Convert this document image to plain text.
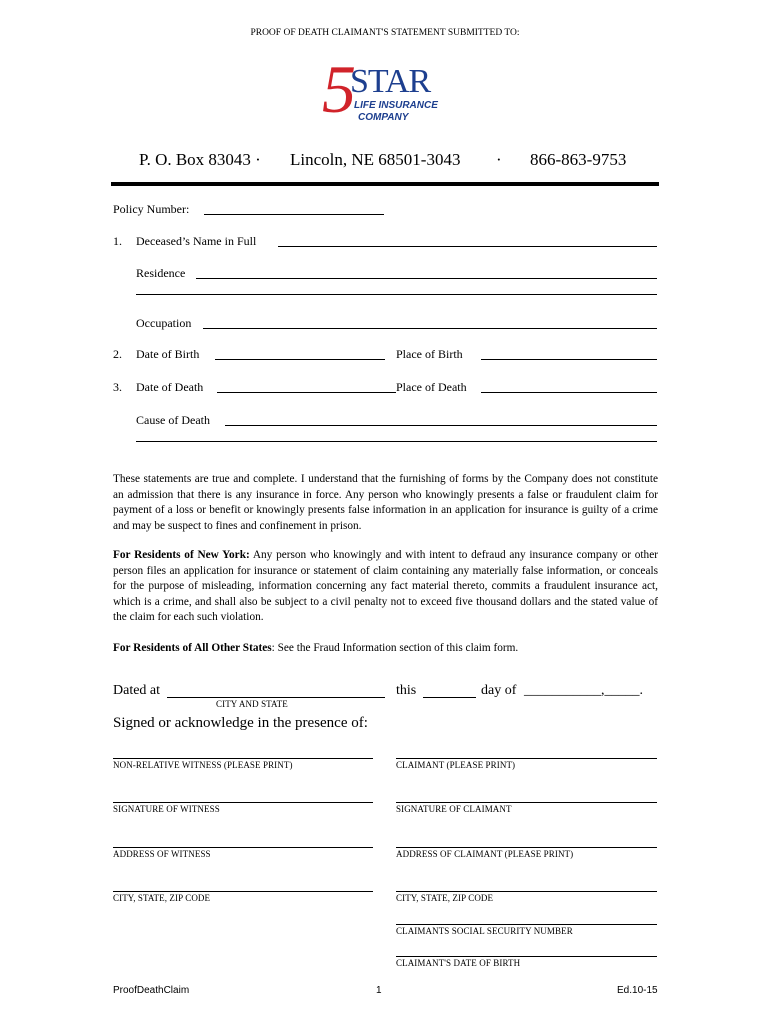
PROOF OF DEATH CLAIMANT'S STATEMENT SUBMITTED TO:
5
STAR
LIFE INSURANCE
COMPANY
P. O. Box 83043 · Lincoln, NE 68501-3043 · 866-863-9753
Policy Number:
1. Deceased’s Name in Full
Residence
Occupation
2. Date of Birth	Place of Birth
3. Date of Death	Place of Death
Cause of Death
These statements are true and complete. I understand that the furnishing of forms by the Company does not constitute an admission that there is any insurance in force. Any person who knowingly presents a false or fraudulent claim for payment of a loss or benefit or knowingly presents false information in an application for insurance is guilty of a crime and may be suspect to fines and confinement in prison.
For Residents of New York: Any person who knowingly and with intent to defraud any insurance company or other person files an application for insurance or statement of claim containing any materially false information, or conceals for the purpose of misleading, information concerning any fact material thereto, commits a fraudulent insurance act, which is a crime, and shall also be subject to a civil penalty not to exceed five thousand dollars and the stated value of the claim for each such violation.
For Residents of All Other States: See the Fraud Information section of this claim form.
Dated at
CITY AND STATE
this	day of ___________,_____.
Signed or acknowledge in the presence of:
NON-RELATIVE WITNESS (PLEASE PRINT)	CLAIMANT (PLEASE PRINT)
SIGNATURE OF WITNESS	SIGNATURE OF CLAIMANT
ADDRESS OF WITNESS	ADDRESS OF CLAIMANT (PLEASE PRINT)
CITY, STATE, ZIP CODE	CITY, STATE, ZIP CODE
CLAIMANTS SOCIAL SECURITY NUMBER
CLAIMANT'S DATE OF BIRTH
ProofDeathClaim	1	Ed.10-15
